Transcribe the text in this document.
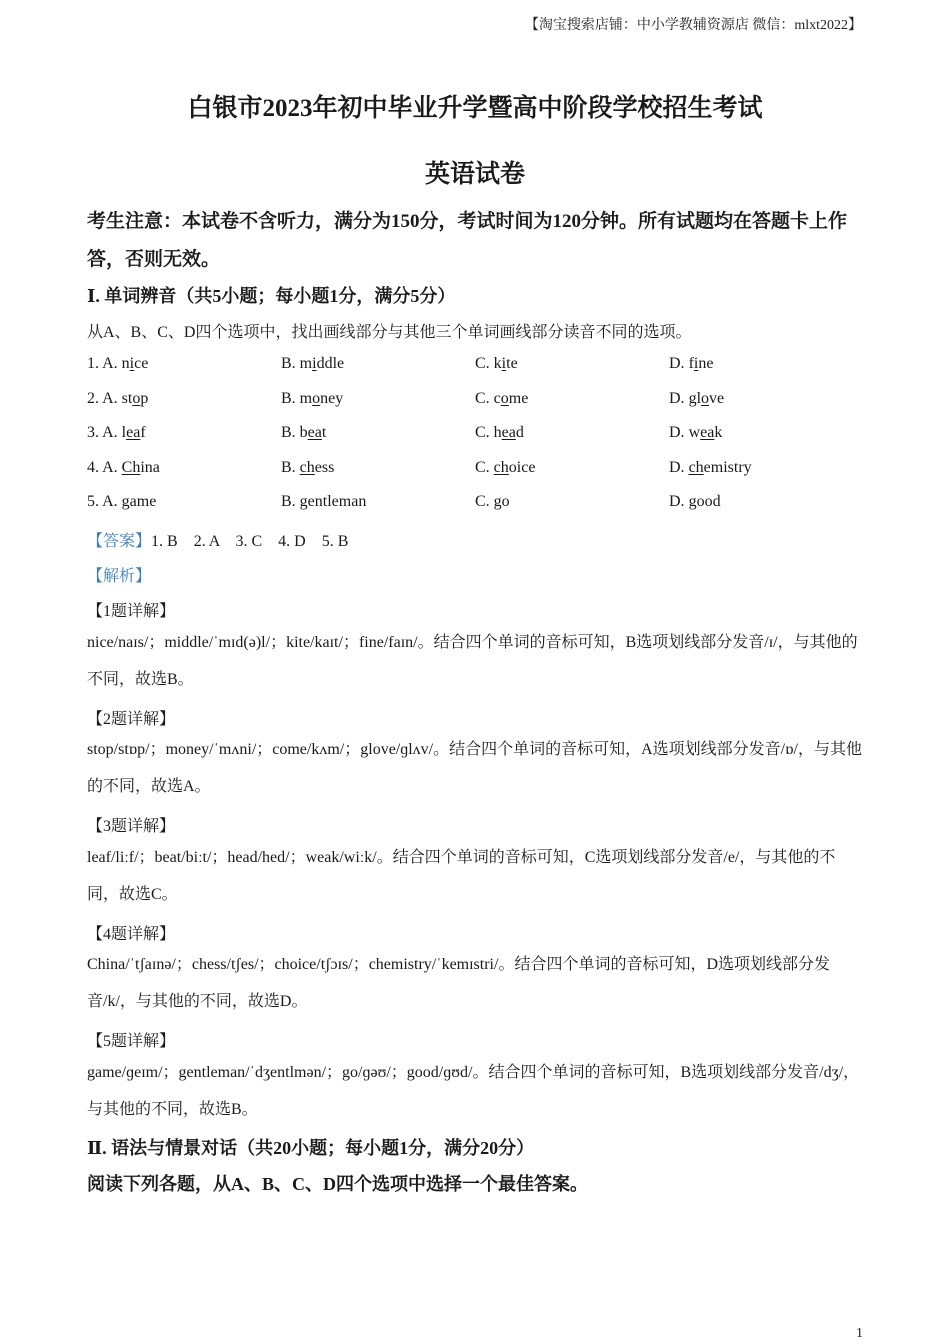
【淘宝搜索店铺：中小学教辅资源店 微信：mlxt2022】
白银市2023年初中毕业升学暨高中阶段学校招生考试
英语试卷
考生注意：本试卷不含听力，满分为150分，考试时间为120分钟。所有试题均在答题卡上作答，否则无效。
Ⅰ. 单词辨音（共5小题；每小题1分，满分5分）
从A、B、C、D四个选项中，找出画线部分与其他三个单词画线部分读音不同的选项。
1. A. nice	B. middle	C. kite	D. fine
2. A. stop	B. money	C. come	D. glove
3. A. leaf	B. beat	C. head	D. weak
4. A. China	B. chess	C. choice	D. chemistry
5. A. game	B. gentleman	C. go	D. good
【答案】1. B　2. A　3. C　4. D　5. B
【解析】
【1题详解】
nice/naɪs/；middle/ˈmɪd(ə)l/；kite/kaɪt/；fine/faɪn/。结合四个单词的音标可知，B选项划线部分发音/ɪ/，与其他的不同，故选B。
【2题详解】
stop/stɒp/；money/ˈmʌni/；come/kʌm/；glove/ɡlʌv/。结合四个单词的音标可知，A选项划线部分发音/ɒ/，与其他的不同，故选A。
【3题详解】
leaf/liːf/；beat/biːt/；head/hed/；weak/wiːk/。结合四个单词的音标可知，C选项划线部分发音/e/，与其他的不同，故选C。
【4题详解】
China/ˈtʃaɪnə/；chess/tʃes/；choice/tʃɔɪs/；chemistry/ˈkemɪstri/。结合四个单词的音标可知，D选项划线部分发音/k/，与其他的不同，故选D。
【5题详解】
game/ɡeɪm/；gentleman/ˈdʒentlmən/；go/ɡəʊ/；good/ɡʊd/。结合四个单词的音标可知，B选项划线部分发音/dʒ/，与其他的不同，故选B。
Ⅱ. 语法与情景对话（共20小题；每小题1分，满分20分）
阅读下列各题，从A、B、C、D四个选项中选择一个最佳答案。
1
